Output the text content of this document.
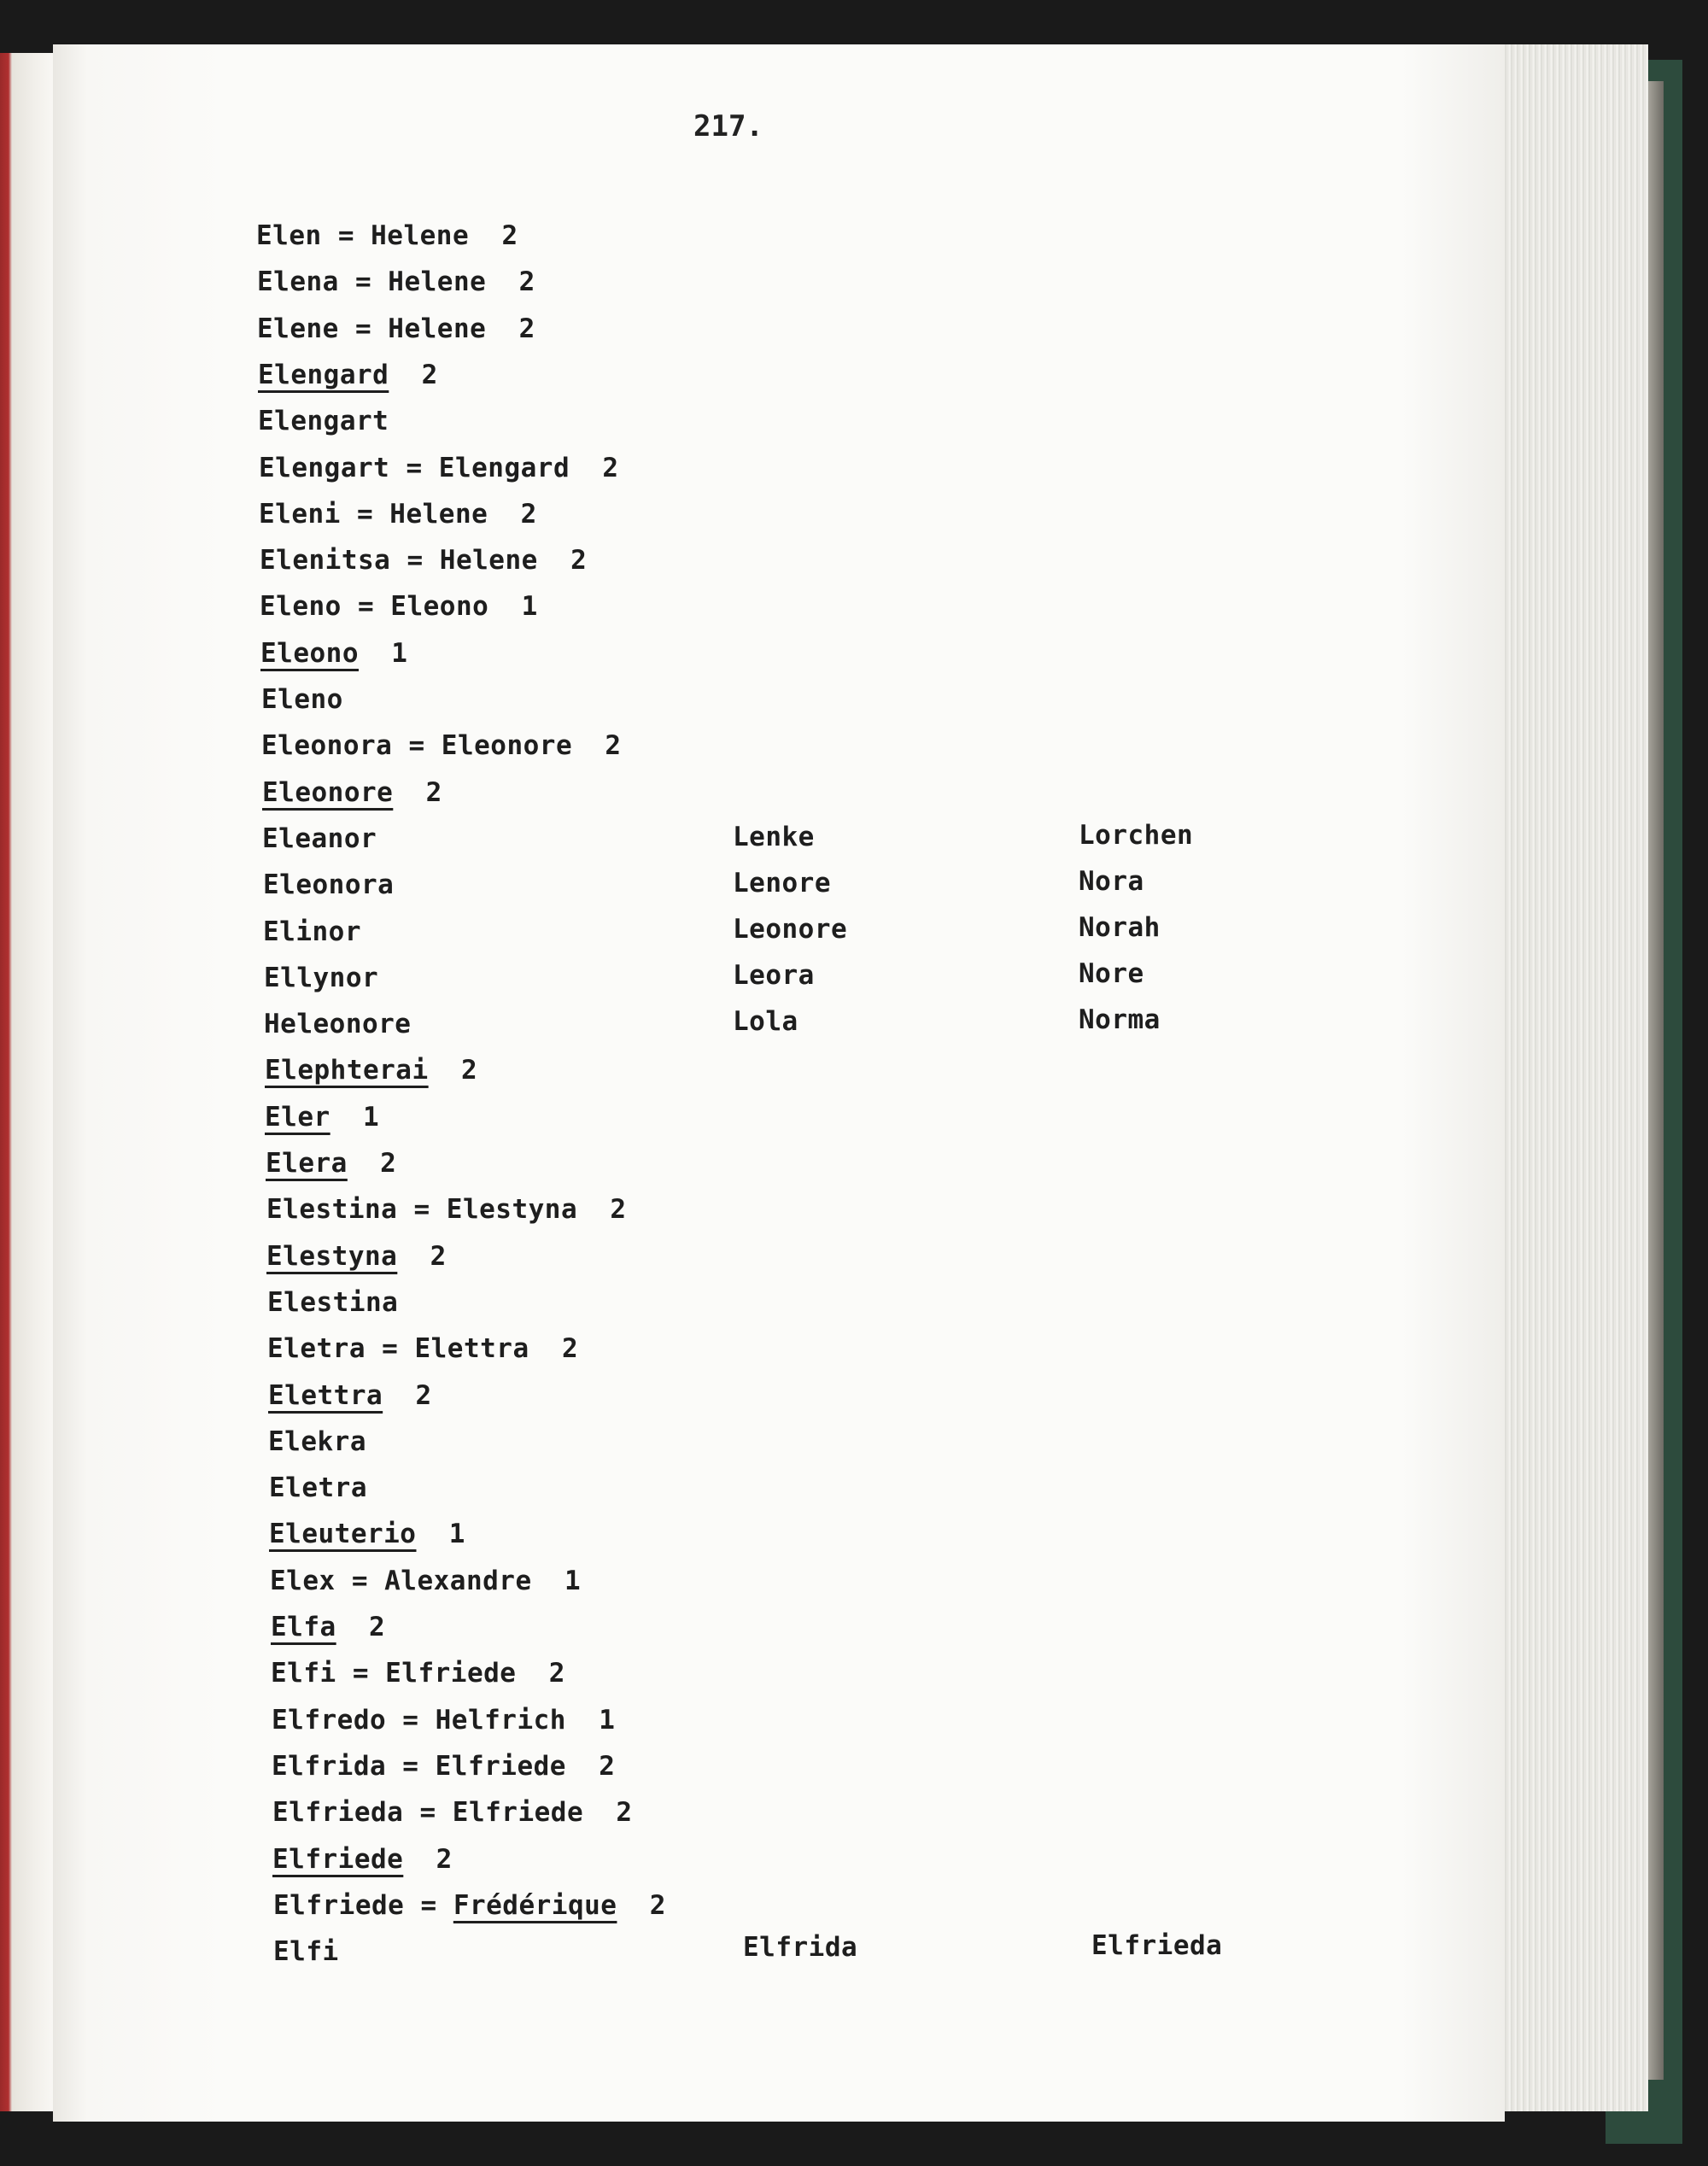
217.
Elen = Helene  2
Elena = Helene  2
Elene = Helene  2
Elengard  2
Elengart
Elengart = Elengard  2
Eleni = Helene  2
Elenitsa = Helene  2
Eleno = Eleono  1
Eleono  1
Eleno
Eleonora = Eleonore  2
Eleonore  2
Eleanor
Eleonora
Elinor
Ellynor
Heleonore
Elephterai  2
Eler  1
Elera  2
Elestina = Elestyna  2
Elestyna  2
Elestina
Eletra = Elettra  2
Elettra  2
Elekra
Eletra
Eleuterio  1
Elex = Alexandre  1
Elfa  2
Elfi = Elfriede  2
Elfredo = Helfrich  1
Elfrida = Elfriede  2
Elfrieda = Elfriede  2
Elfriede  2
Elfriede = Frédérique  2
Elfi
Lenke
Lenore
Leonore
Leora
Lola
Lorchen
Nora
Norah
Nore
Norma
Elfrida	Elfrieda
